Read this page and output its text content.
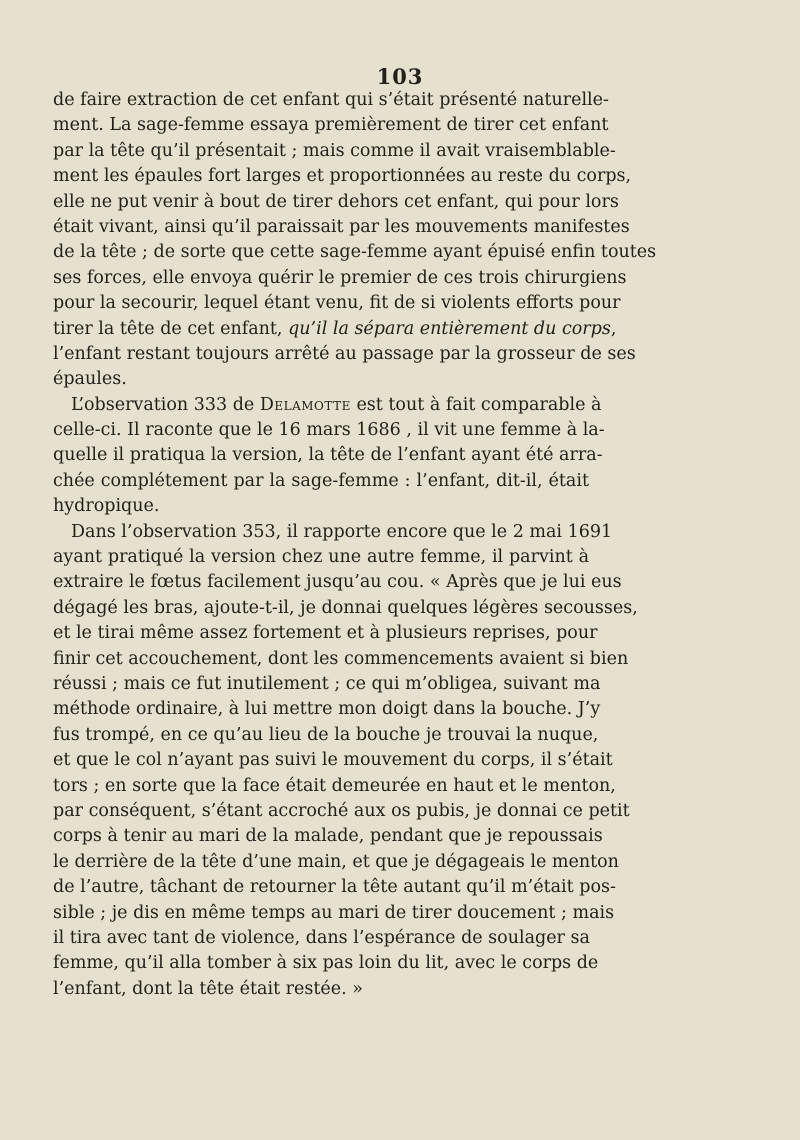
103
de faire extraction de cet enfant qui s’était présenté naturelle-
ment. La sage-femme essaya premièrement de tirer cet enfant
par la tête qu’il présentait ; mais comme il avait vraisemblable-
ment les épaules fort larges et proportionnées au reste du corps,
elle ne put venir à bout de tirer dehors cet enfant, qui pour lors
était vivant, ainsi qu’il paraissait par les mouvements manifestes
de la tête ; de sorte que cette sage-femme ayant épuisé enfin toutes
ses forces, elle envoya quérir le premier de ces trois chirurgiens
pour la secourir, lequel étant venu, fit de si violents efforts pour
tirer la tête de cet enfant, qu’il la sépara entièrement du corps,
l’enfant restant toujours arrêté au passage par la grosseur de ses
épaules.
L’observation 333 de Delamotte est tout à fait comparable à
celle-ci. Il raconte que le 16 mars 1686 , il vit une femme à la-
quelle il pratiqua la version, la tête de l’enfant ayant été arra-
chée complétement par la sage-femme : l’enfant, dit-il, était
hydropique.
Dans l’observation 353, il rapporte encore que le 2 mai 1691
ayant pratiqué la version chez une autre femme, il parvint à
extraire le fœtus facilement jusqu’au cou. « Après que je lui eus
dégagé les bras, ajoute-t-il, je donnai quelques légères secousses,
et le tirai même assez fortement et à plusieurs reprises, pour
finir cet accouchement, dont les commencements avaient si bien
réussi ; mais ce fut inutilement ; ce qui m’obligea, suivant ma
méthode ordinaire, à lui mettre mon doigt dans la bouche. J’y
fus trompé, en ce qu’au lieu de la bouche je trouvai la nuque,
et que le col n’ayant pas suivi le mouvement du corps, il s’était
tors ; en sorte que la face était demeurée en haut et le menton,
par conséquent, s’étant accroché aux os pubis, je donnai ce petit
corps à tenir au mari de la malade, pendant que je repoussais
le derrière de la tête d’une main, et que je dégageais le menton
de l’autre, tâchant de retourner la tête autant qu’il m’était pos-
sible ; je dis en même temps au mari de tirer doucement ; mais
il tira avec tant de violence, dans l’espérance de soulager sa
femme, qu’il alla tomber à six pas loin du lit, avec le corps de
l’enfant, dont la tête était restée. »
